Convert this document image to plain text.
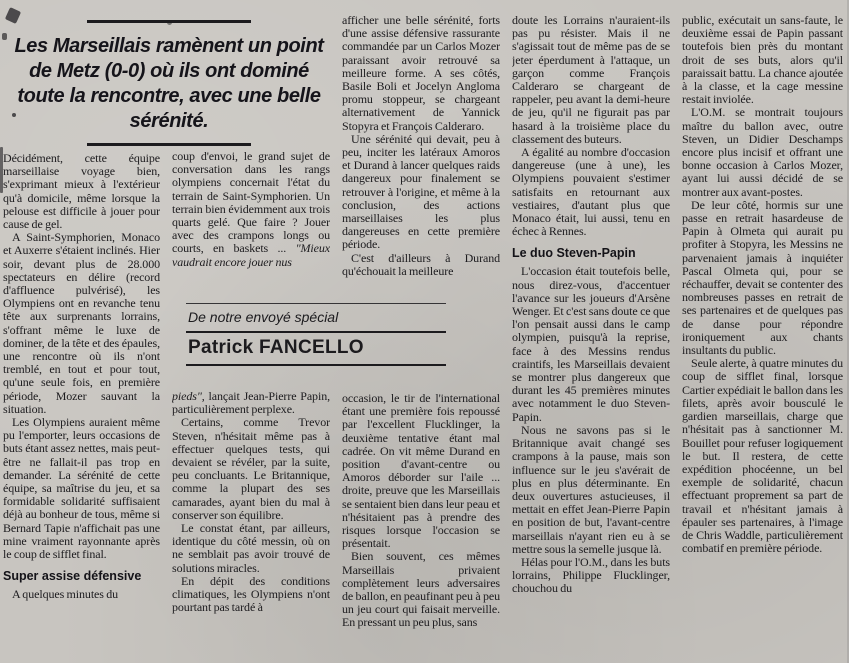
Les Marseillais ramènent un point de Metz (0-0) où ils ont dominé toute la rencontre, avec une belle sérénité.
De notre envoyé spécial
Patrick FANCELLO

Décidément, cette équipe marseillaise voyage bien, s'exprimant mieux à l'extérieur qu'à domicile, même lorsque la pelouse est difficile à jouer pour cause de gel.

A Saint-Symphorien, Monaco et Auxerre s'étaient inclinés. Hier soir, devant plus de 28.000 spectateurs en délire (record d'affluence pulvérisé), les Olympiens ont en revanche tenu tête aux surprenants lorrains, s'offrant même le luxe de dominer, de la tête et des épaules, une rencontre où ils n'ont tremblé, en tout et pour tout, qu'une seule fois, en première période, Mozer sauvant la situation.

Les Olympiens auraient même pu l'emporter, leurs occasions de buts étant assez nettes, mais peut-être ne fallait-il pas trop en demander. La sérénité de cette équipe, sa maîtrise du jeu, et sa formidable solidarité suffisaient déjà au bonheur de tous, même si Bernard Tapie n'affichait pas une mine vraiment rayonnante après le coup de sifflet final.

Super assise défensive

A quelques minutes du

coup d'envoi, le grand sujet de conversation dans les rangs olympiens concernait l'état du terrain de Saint-Symphorien. Un terrain bien évidemment aux trois quarts gelé. Que faire ? Jouer avec des crampons longs ou courts, en baskets ... "Mieux vaudrait encore jouer nus

pieds", lançait Jean-Pierre Papin, particulièrement perplexe.

Certains, comme Trevor Steven, n'hésitait même pas à effectuer quelques tests, qui devaient se révéler, par la suite, peu concluants. Le Britannique, comme la plupart des ses camarades, ayant bien du mal à conserver son équilibre.

Le constat étant, par ailleurs, identique du côté messin, où on ne semblait pas avoir trouvé de solutions miracles.

En dépit des conditions climatiques, les Olympiens n'ont pourtant pas tardé à

afficher une belle sérénité, forts d'une assise défensive rassurante commandée par un Carlos Mozer paraissant avoir retrouvé sa meilleure forme. A ses côtés, Basile Boli et Jocelyn Angloma promu stoppeur, se chargeant alternativement de Yannick Stopyra et François Calderaro.

Une sérénité qui devait, peu à peu, inciter les latéraux Amoros et Durand à lancer quelques raids dangereux pour finalement se retrouver à l'origine, et même à la conclusion, des actions marseillaises les plus dangereuses en cette première période.

C'est d'ailleurs à Durand qu'échouait la meilleure

occasion, le tir de l'international étant une première fois repoussé par l'excellent Flucklinger, la deuxième tentative étant mal cadrée. On vit même Durand en position d'avant-centre ou Amoros déborder sur l'aile ... droite, preuve que les Marseillais se sentaient bien dans leur peau et n'hésitaient pas à prendre des risques lorsque l'occasion se présentait.

Bien souvent, ces mêmes Marseillais privaient complètement leurs adversaires de ballon, en peaufinant peu à peu un jeu court qui faisait merveille. En pressant un peu plus, sans

doute les Lorrains n'auraient-ils pas pu résister. Mais il ne s'agissait tout de même pas de se jeter éperdument à l'attaque, un garçon comme François Calderaro se chargeant de rappeler, peu avant la demi-heure de jeu, qu'il ne figurait pas par hasard à la troisième place du classement des buteurs.

A égalité au nombre d'occasion dangereuse (une à une), les Olympiens pouvaient s'estimer satisfaits en retournant aux vestiaires, d'autant plus que Monaco était, lui aussi, tenu en échec à Rennes.

Le duo Steven-Papin

L'occasion était toutefois belle, nous direz-vous, d'accentuer l'avance sur les joueurs d'Arsène Wenger. Et c'est sans doute ce que l'on pensait aussi dans le camp olympien, puisqu'à la reprise, face à des Messins rendus craintifs, les Marseillais devaient se montrer plus dangereux que durant les 45 premières minutes avec notamment le duo Steven-Papin.

Nous ne savons pas si le Britannique avait changé ses crampons à la pause, mais son influence sur le jeu s'avérait de plus en plus déterminante. En deux ouvertures astucieuses, il mettait en effet Jean-Pierre Papin en position de but, l'avant-centre marseillais n'ayant rien eu à se mettre sous la semelle jusque là.

Hélas pour l'O.M., dans les buts lorrains, Philippe Flucklinger, chouchou du

public, exécutait un sans-faute, le deuxième essai de Papin passant toutefois bien près du montant droit de ses buts, alors qu'il paraissait battu. La chance ajoutée à la classe, et la cage messine restait inviolée.

L'O.M. se montrait toujours maître du ballon avec, outre Steven, un Didier Deschamps encore plus incisif et offrant une bonne occasion à Carlos Mozer, ayant lui aussi décidé de se montrer aux avant-postes.

De leur côté, hormis sur une passe en retrait hasardeuse de Papin à Olmeta qui aurait pu profiter à Stopyra, les Messins ne parvenaient jamais à inquiéter Pascal Olmeta qui, pour se réchauffer, devait se contenter des nombreuses passes en retrait de ses partenaires et de quelques pas de danse pour répondre ironiquement aux chants insultants du public.

Seule alerte, à quatre minutes du coup de sifflet final, lorsque Cartier expédiait le ballon dans les filets, après avoir bousculé le gardien marseillais, charge que n'hésitait pas à sanctionner M. Bouillet pour refuser logiquement le but. Il restera, de cette expédition phocéenne, un bel exemple de solidarité, chacun effectuant proprement sa part de travail et n'hésitant jamais à épauler ses partenaires, à l'image de Chris Waddle, particulièrement combatif en première période.
